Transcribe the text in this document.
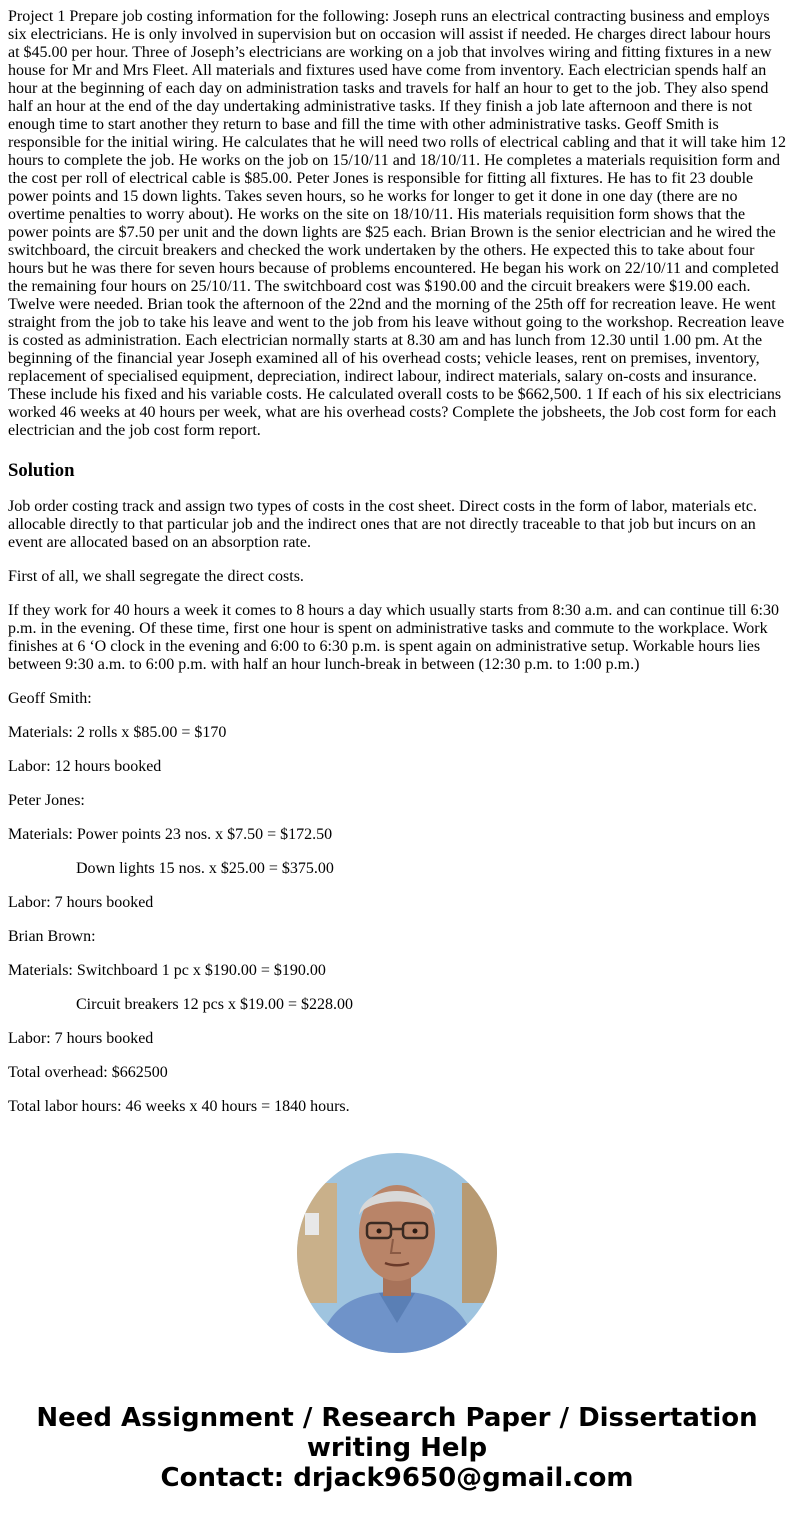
Project 1 Prepare job costing information for the following: Joseph runs an electrical contracting business and employs six electricians. He is only involved in supervision but on occasion will assist if needed. He charges direct labour hours at $45.00 per hour. Three of Joseph’s electricians are working on a job that involves wiring and fitting fixtures in a new house for Mr and Mrs Fleet. All materials and fixtures used have come from inventory. Each electrician spends half an hour at the beginning of each day on administration tasks and travels for half an hour to get to the job. They also spend half an hour at the end of the day undertaking administrative tasks. If they finish a job late afternoon and there is not enough time to start another they return to base and fill the time with other administrative tasks. Geoff Smith is responsible for the initial wiring. He calculates that he will need two rolls of electrical cabling and that it will take him 12 hours to complete the job. He works on the job on 15/10/11 and 18/10/11. He completes a materials requisition form and the cost per roll of electrical cable is $85.00. Peter Jones is responsible for fitting all fixtures. He has to fit 23 double power points and 15 down lights. Takes seven hours, so he works for longer to get it done in one day (there are no overtime penalties to worry about). He works on the site on 18/10/11. His materials requisition form shows that the power points are $7.50 per unit and the down lights are $25 each. Brian Brown is the senior electrician and he wired the switchboard, the circuit breakers and checked the work undertaken by the others. He expected this to take about four hours but he was there for seven hours because of problems encountered. He began his work on 22/10/11 and completed the remaining four hours on 25/10/11. The switchboard cost was $190.00 and the circuit breakers were $19.00 each. Twelve were needed. Brian took the afternoon of the 22nd and the morning of the 25th off for recreation leave. He went straight from the job to take his leave and went to the job from his leave without going to the workshop. Recreation leave is costed as administration. Each electrician normally starts at 8.30 am and has lunch from 12.30 until 1.00 pm. At the beginning of the financial year Joseph examined all of his overhead costs; vehicle leases, rent on premises, inventory, replacement of specialised equipment, depreciation, indirect labour, indirect materials, salary on-costs and insurance. These include his fixed and his variable costs. He calculated overall costs to be $662,500. 1 If each of his six electricians worked 46 weeks at 40 hours per week, what are his overhead costs? Complete the jobsheets, the Job cost form for each electrician and the job cost form report.

Solution

Job order costing track and assign two types of costs in the cost sheet. Direct costs in the form of labor, materials etc. allocable directly to that particular job and the indirect ones that are not directly traceable to that job but incurs on an event are allocated based on an absorption rate.

First of all, we shall segregate the direct costs.

If they work for 40 hours a week it comes to 8 hours a day which usually starts from 8:30 a.m. and can continue till 6:30 p.m. in the evening. Of these time, first one hour is spent on administrative tasks and commute to the workplace. Work finishes at 6 ‘O clock in the evening and 6:00 to 6:30 p.m. is spent again on administrative setup. Workable hours lies between 9:30 a.m. to 6:00 p.m. with half an hour lunch-break in between (12:30 p.m. to 1:00 p.m.)

Geoff Smith:

Materials: 2 rolls x $85.00 = $170

Labor: 12 hours booked

Peter Jones:

Materials: Power points 23 nos. x $7.50 = $172.50

Down lights 15 nos. x $25.00 = $375.00

Labor: 7 hours booked

Brian Brown:

Materials: Switchboard 1 pc x $190.00 = $190.00

Circuit breakers 12 pcs x $19.00 = $228.00

Labor: 7 hours booked

Total overhead: $662500

Total labor hours: 46 weeks x 40 hours = 1840 hours.

Need Assignment / Research Paper / Dissertation
writing Help
Contact: drjack9650@gmail.com
